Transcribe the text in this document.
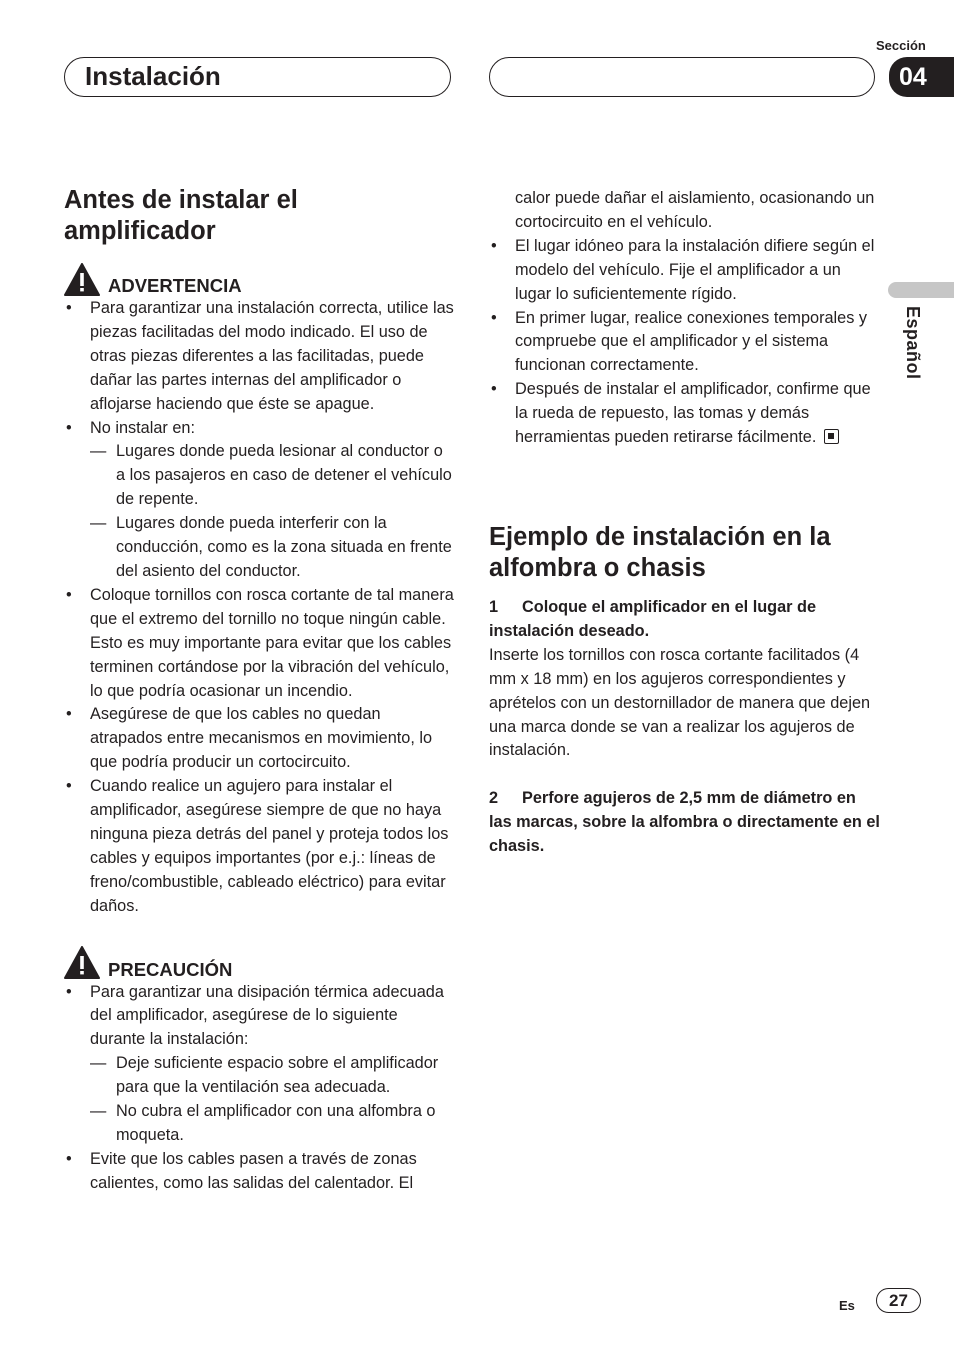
Instalación
Sección
04
Español
Antes de instalar el amplificador
ADVERTENCIA
• Para garantizar una instalación correcta, utilice las piezas facilitadas del modo indicado. El uso de otras piezas diferentes a las facilitadas, puede dañar las partes internas del amplificador o aflojarse haciendo que éste se apague.
• No instalar en:
— Lugares donde pueda lesionar al conductor o a los pasajeros en caso de detener el vehículo de repente.
— Lugares donde pueda interferir con la conducción, como es la zona situada en frente del asiento del conductor.
• Coloque tornillos con rosca cortante de tal manera que el extremo del tornillo no toque ningún cable. Esto es muy importante para evitar que los cables terminen cortándose por la vibración del vehículo, lo que podría ocasionar un incendio.
• Asegúrese de que los cables no quedan atrapados entre mecanismos en movimiento, lo que podría producir un cortocircuito.
• Cuando realice un agujero para instalar el amplificador, asegúrese siempre de que no haya ninguna pieza detrás del panel y proteja todos los cables y equipos importantes (por e.j.: líneas de freno/combustible, cableado eléctrico) para evitar daños.
PRECAUCIÓN
• Para garantizar una disipación térmica adecuada del amplificador, asegúrese de lo siguiente durante la instalación:
— Deje suficiente espacio sobre el amplificador para que la ventilación sea adecuada.
— No cubra el amplificador con una alfombra o moqueta.
• Evite que los cables pasen a través de zonas calientes, como las salidas del calentador. El
calor puede dañar el aislamiento, ocasionando un cortocircuito en el vehículo.
• El lugar idóneo para la instalación difiere según el modelo del vehículo. Fije el amplificador a un lugar lo suficientemente rígido.
• En primer lugar, realice conexiones temporales y compruebe que el amplificador y el sistema funcionan correctamente.
• Después de instalar el amplificador, confirme que la rueda de repuesto, las tomas y demás herramientas pueden retirarse fácilmente.
Ejemplo de instalación en la alfombra o chasis
1 Coloque el amplificador en el lugar de instalación deseado.
Inserte los tornillos con rosca cortante facilitados (4 mm x 18 mm) en los agujeros correspondientes y aprételos con un destornillador de manera que dejen una marca donde se van a realizar los agujeros de instalación.
2 Perfore agujeros de 2,5 mm de diámetro en las marcas, sobre la alfombra o directamente en el chasis.
Es	27
